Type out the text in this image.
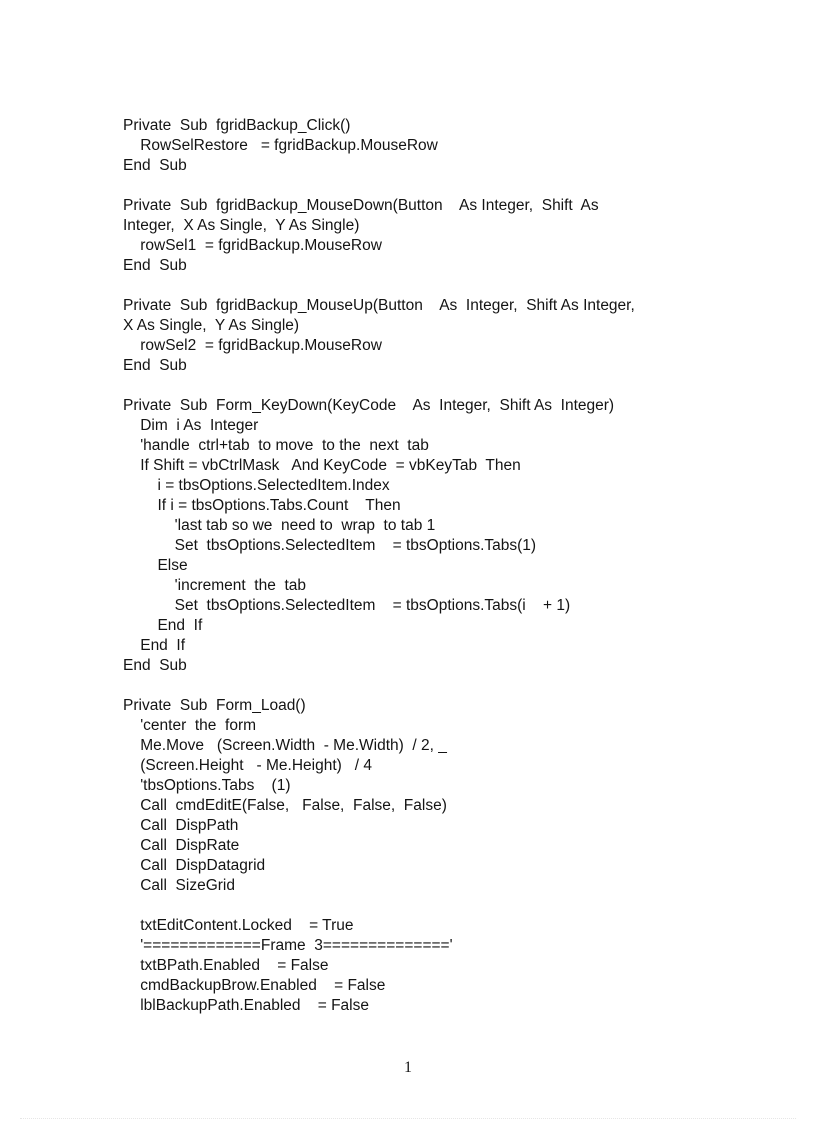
Private  Sub  fgridBackup_Click()
RowSelRestore   = fgridBackup.MouseRow
End  Sub
Private  Sub  fgridBackup_MouseDown(Button    As Integer,  Shift  As
Integer,  X As Single,  Y As Single)
rowSel1  = fgridBackup.MouseRow
End  Sub
Private  Sub  fgridBackup_MouseUp(Button    As  Integer,  Shift As Integer,
X As Single,  Y As Single)
rowSel2  = fgridBackup.MouseRow
End  Sub
Private  Sub  Form_KeyDown(KeyCode    As  Integer,  Shift As  Integer)
Dim  i As  Integer
'handle  ctrl+tab  to move  to the  next  tab
If Shift = vbCtrlMask   And KeyCode  = vbKeyTab  Then
i = tbsOptions.SelectedItem.Index
If i = tbsOptions.Tabs.Count    Then
'last tab so we  need to  wrap  to tab 1
Set  tbsOptions.SelectedItem    = tbsOptions.Tabs(1)
Else
'increment  the  tab
Set  tbsOptions.SelectedItem    = tbsOptions.Tabs(i    + 1)
End  If
End  If
End  Sub
Private  Sub  Form_Load()
'center  the  form
Me.Move   (Screen.Width  - Me.Width)  / 2, _
(Screen.Height   - Me.Height)   / 4
'tbsOptions.Tabs    (1)
Call  cmdEditE(False,   False,  False,  False)
Call  DispPath
Call  DispRate
Call  DispDatagrid
Call  SizeGrid
txtEditContent.Locked    = True
'=============Frame  3=============='
txtBPath.Enabled    = False
cmdBackupBrow.Enabled    = False
lblBackupPath.Enabled    = False
1
